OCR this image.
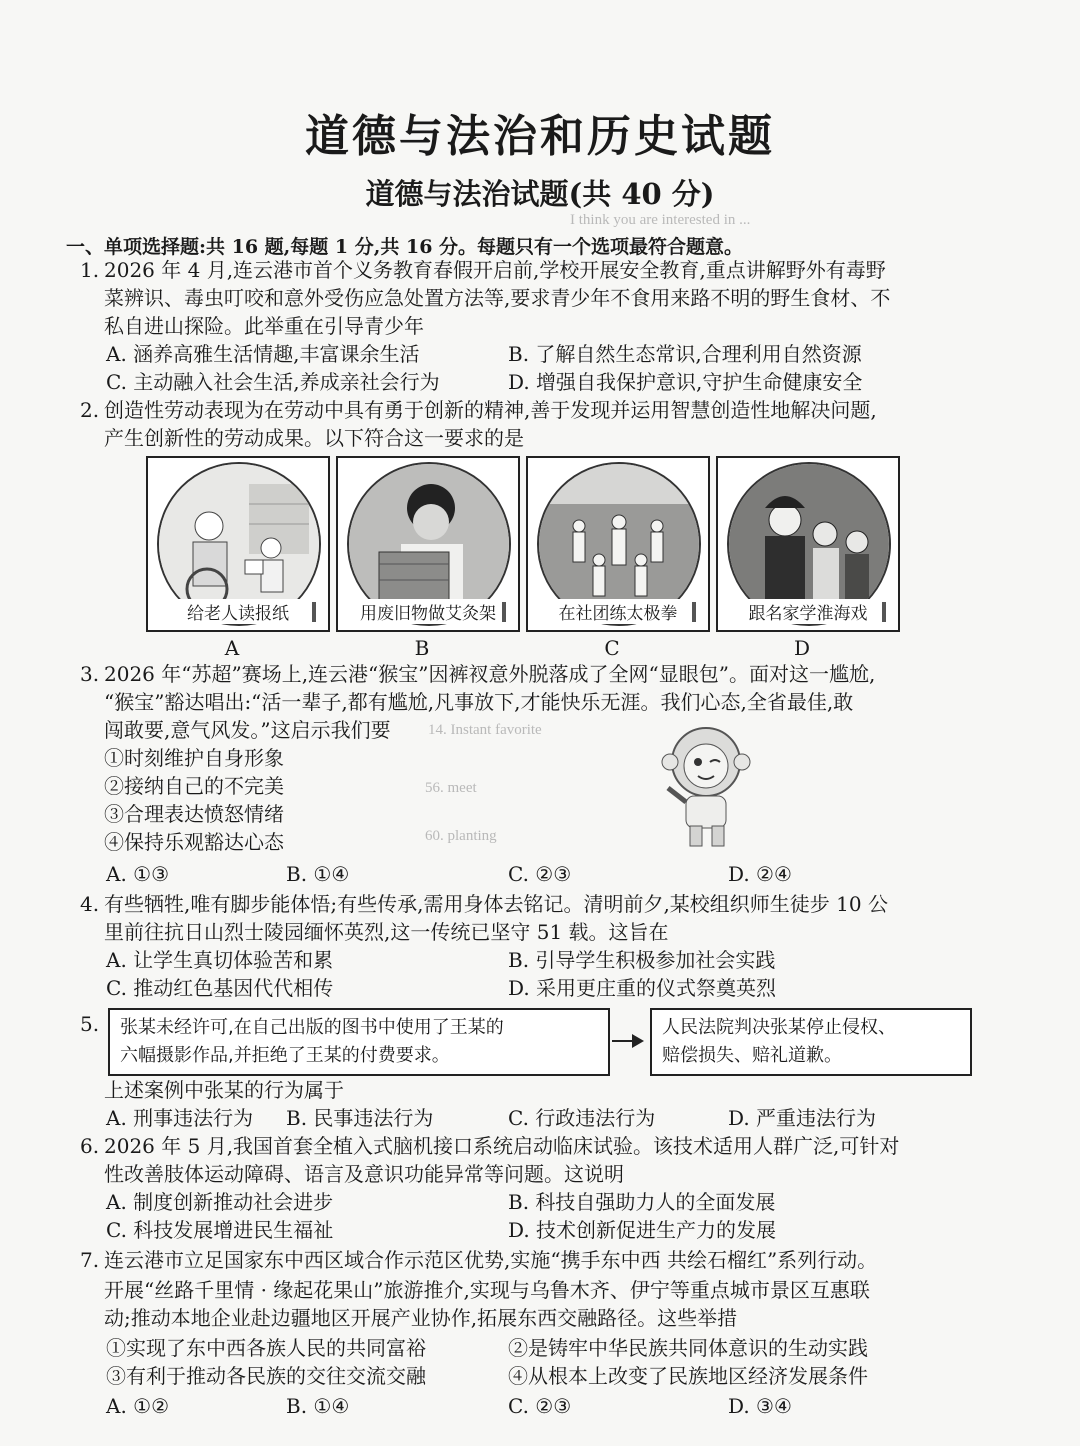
I think you are interested in ...
14. Instant favorite
56. meet
60. planting
道德与法治和历史试题
道德与法治试题(共 40 分)
一、单项选择题:共 16 题,每题 1 分,共 16 分。每题只有一个选项最符合题意。
1. 2026 年 4 月,连云港市首个义务教育春假开启前,学校开展安全教育,重点讲解野外有毒野
菜辨识、毒虫叮咬和意外受伤应急处置方法等,要求青少年不食用来路不明的野生食材、不
私自进山探险。此举重在引导青少年
A. 涵养高雅生活情趣,丰富课余生活	B. 了解自然生态常识,合理利用自然资源
C. 主动融入社会生活,养成亲社会行为	D. 增强自我保护意识,守护生命健康安全
2. 创造性劳动表现为在劳动中具有勇于创新的精神,善于发现并运用智慧创造性地解决问题,
产生创新性的劳动成果。以下符合这一要求的是
给老人读报纸	用废旧物做艾灸架	在社团练太极拳	跟名家学淮海戏
A	B	C	D
3. 2026 年“苏超”赛场上,连云港“猴宝”因裤衩意外脱落成了全网“显眼包”。面对这一尴尬,
“猴宝”豁达唱出:“活一辈子,都有尴尬,凡事放下,才能快乐无涯。我们心态,全省最佳,敢
闯敢要,意气风发。”这启示我们要
①时刻维护自身形象
②接纳自己的不完美
③合理表达愤怒情绪
④保持乐观豁达心态
A. ①③	B. ①④	C. ②③	D. ②④
4. 有些牺牲,唯有脚步能体悟;有些传承,需用身体去铭记。清明前夕,某校组织师生徒步 10 公
里前往抗日山烈士陵园缅怀英烈,这一传统已坚守 51 载。这旨在
A. 让学生真切体验苦和累	B. 引导学生积极参加社会实践
C. 推动红色基因代代相传	D. 采用更庄重的仪式祭奠英烈
5. 张某未经许可,在自己出版的图书中使用了王某的
六幅摄影作品,并拒绝了王某的付费要求。
人民法院判决张某停止侵权、
赔偿损失、赔礼道歉。
上述案例中张某的行为属于
A. 刑事违法行为 B. 民事违法行为	C. 行政违法行为	D. 严重违法行为
6. 2026 年 5 月,我国首套全植入式脑机接口系统启动临床试验。该技术适用人群广泛,可针对
性改善肢体运动障碍、语言及意识功能异常等问题。这说明
A. 制度创新推动社会进步	B. 科技自强助力人的全面发展
C. 科技发展增进民生福祉	D. 技术创新促进生产力的发展
7. 连云港市立足国家东中西区域合作示范区优势,实施“携手东中西 共绘石榴红”系列行动。
开展“丝路千里情 · 缘起花果山”旅游推介,实现与乌鲁木齐、伊宁等重点城市景区互惠联
动;推动本地企业赴边疆地区开展产业协作,拓展东西交融路径。这些举措
①实现了东中西各族人民的共同富裕	②是铸牢中华民族共同体意识的生动实践
③有利于推动各民族的交往交流交融	④从根本上改变了民族地区经济发展条件
A. ①②	B. ①④	C. ②③	D. ③④
